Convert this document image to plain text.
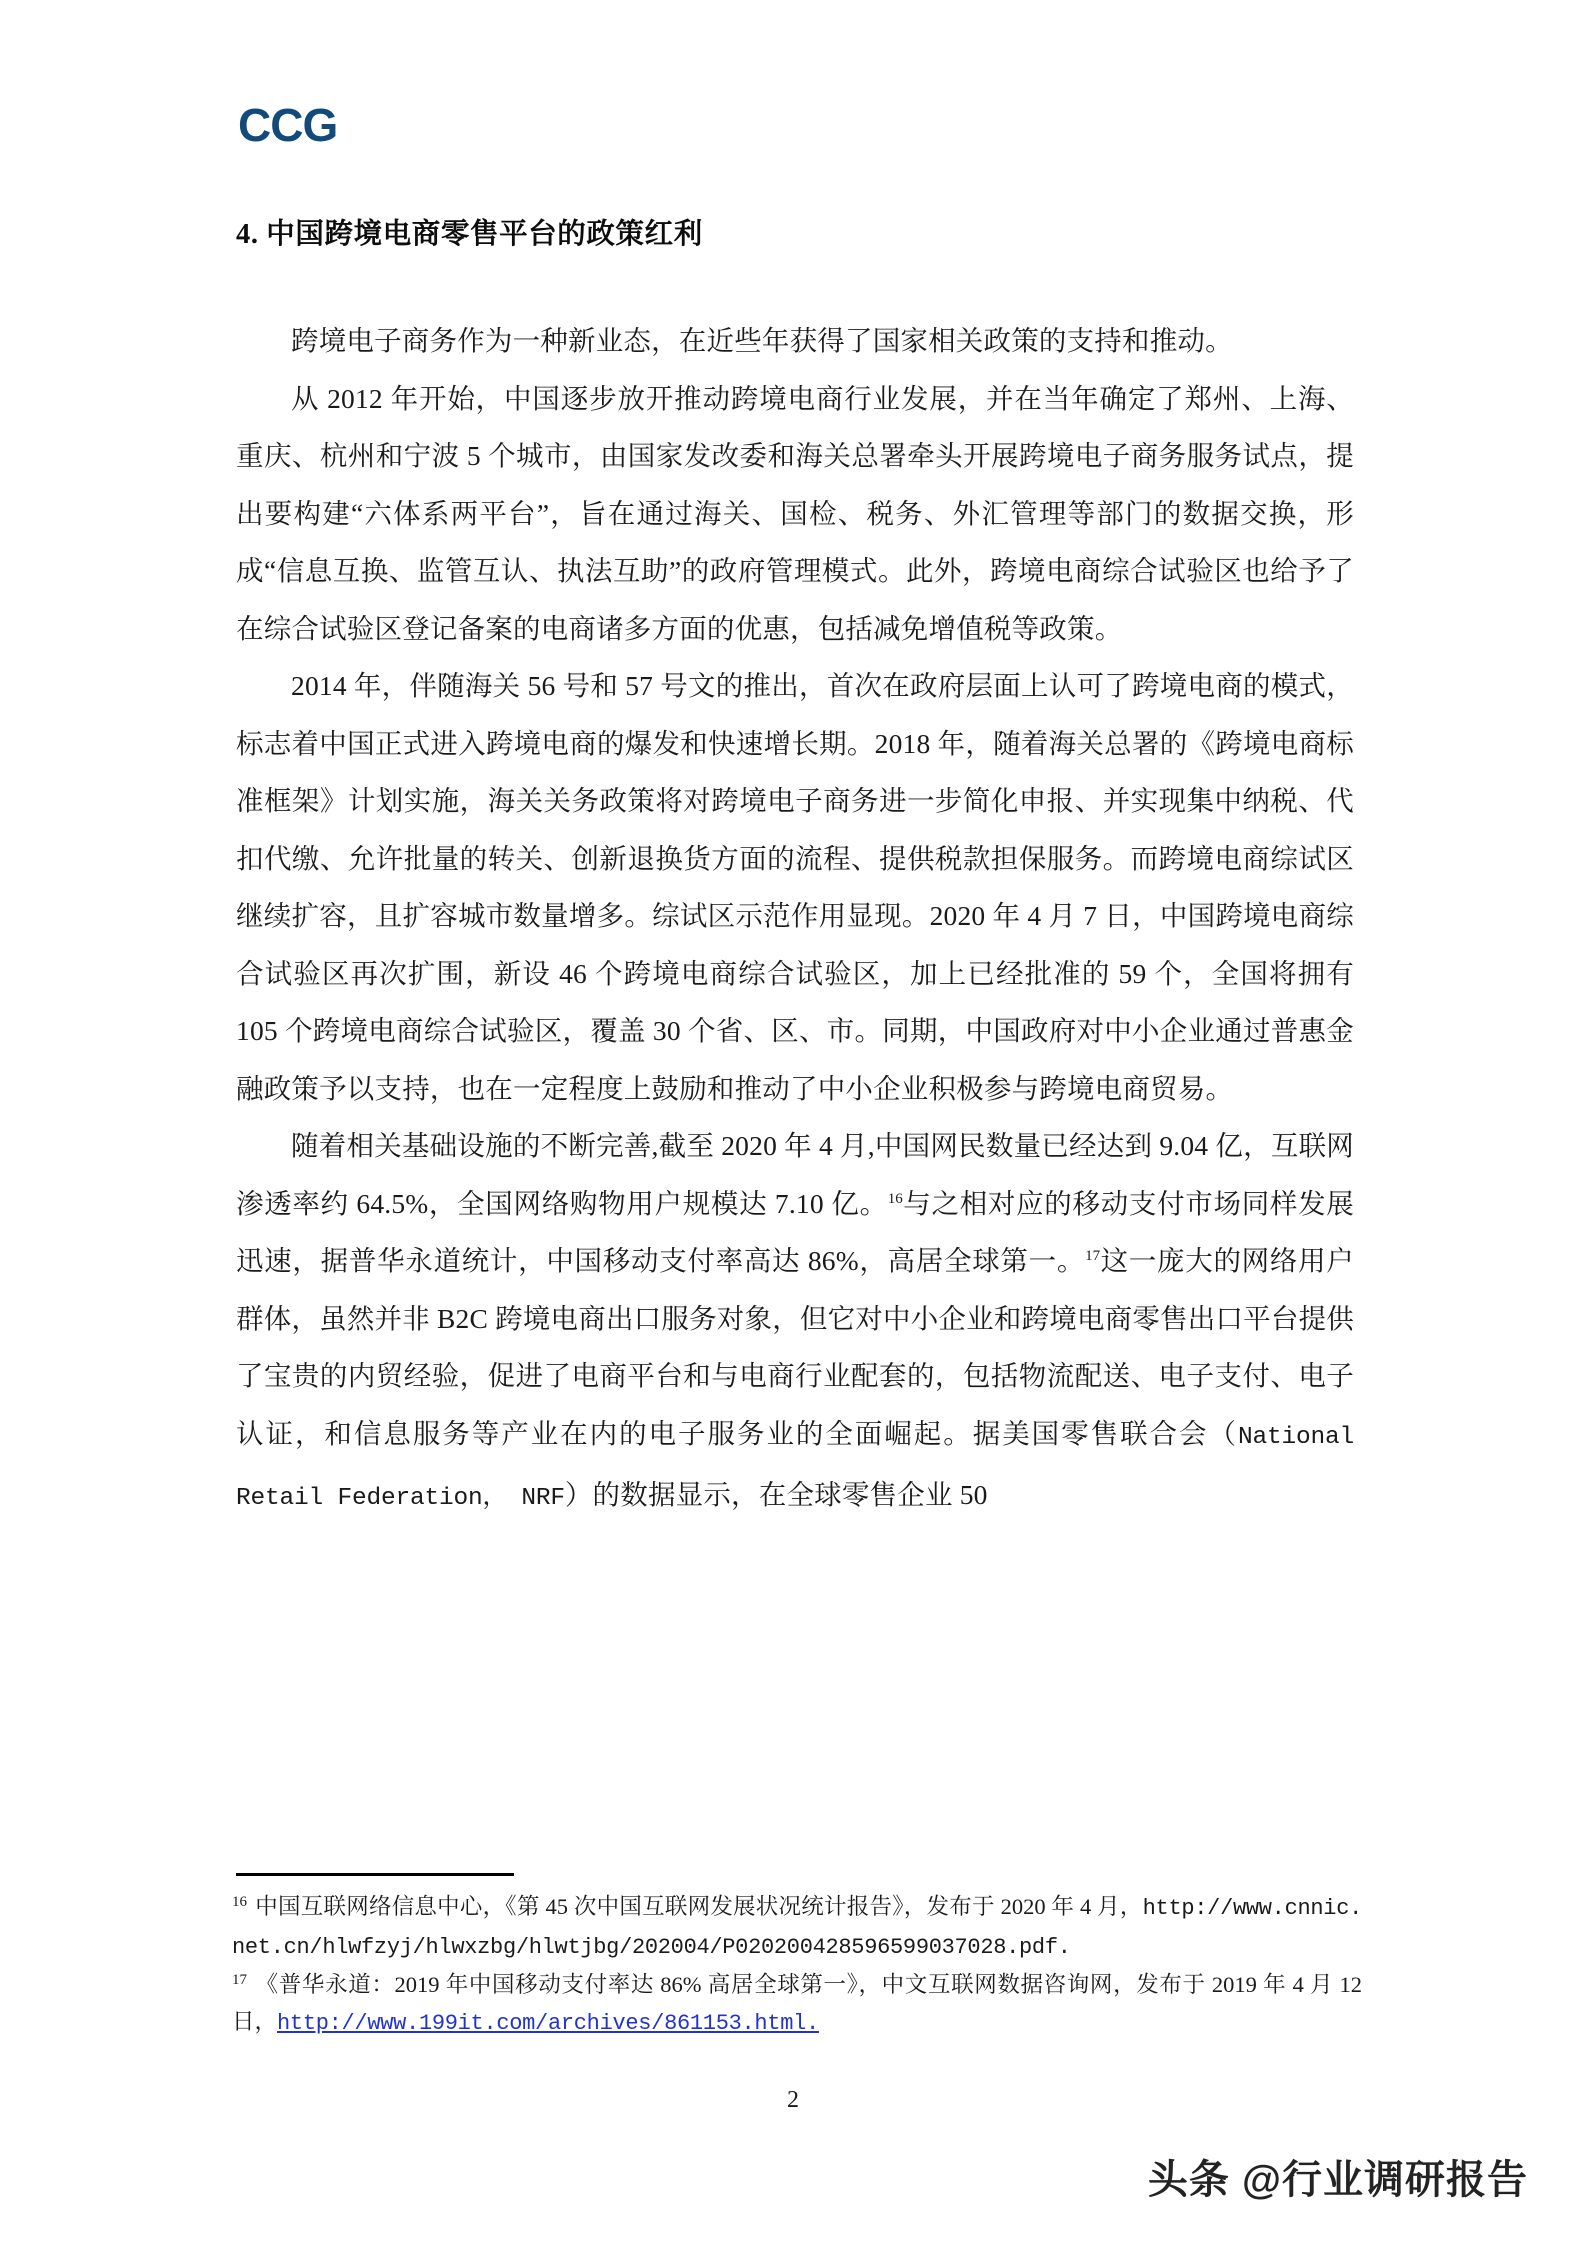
CCG
4. 中国跨境电商零售平台的政策红利

跨境电子商务作为一种新业态，在近些年获得了国家相关政策的支持和推动。

从 2012 年开始，中国逐步放开推动跨境电商行业发展，并在当年确定了郑州、上海、重庆、杭州和宁波 5 个城市，由国家发改委和海关总署牵头开展跨境电子商务服务试点，提出要构建“六体系两平台”，旨在通过海关、国检、税务、外汇管理等部门的数据交换，形成“信息互换、监管互认、执法互助”的政府管理模式。此外，跨境电商综合试验区也给予了在综合试验区登记备案的电商诸多方面的优惠，包括减免增值税等政策。

2014 年，伴随海关 56 号和 57 号文的推出，首次在政府层面上认可了跨境电商的模式，标志着中国正式进入跨境电商的爆发和快速增长期。2018 年，随着海关总署的《跨境电商标准框架》计划实施，海关关务政策将对跨境电子商务进一步简化申报、并实现集中纳税、代扣代缴、允许批量的转关、创新退换货方面的流程、提供税款担保服务。而跨境电商综试区继续扩容，且扩容城市数量增多。综试区示范作用显现。2020 年 4 月 7 日，中国跨境电商综合试验区再次扩围，新设 46 个跨境电商综合试验区，加上已经批准的 59 个，全国将拥有 105 个跨境电商综合试验区，覆盖 30 个省、区、市。同期，中国政府对中小企业通过普惠金融政策予以支持，也在一定程度上鼓励和推动了中小企业积极参与跨境电商贸易。

随着相关基础设施的不断完善,截至 2020 年 4 月,中国网民数量已经达到 9.04 亿，互联网渗透率约 64.5%，全国网络购物用户规模达 7.10 亿。$^{16}$与之相对应的移动支付市场同样发展迅速，据普华永道统计，中国移动支付率高达 86%，高居全球第一。$^{17}$这一庞大的网络用户群体，虽然并非 B2C 跨境电商出口服务对象，但它对中小企业和跨境电商零售出口平台提供了宝贵的内贸经验，促进了电商平台和与电商行业配套的，包括物流配送、电子支付、电子认证，和信息服务等产业在内的电子服务业的全面崛起。据美国零售联合会（National Retail Federation， NRF）的数据显示，在全球零售企业 50

$^{16}$ 中国互联网络信息中心，《第 45 次中国互联网发展状况统计报告》，发布于 2020 年 4 月，http://www.cnnic.net.cn/hlwfzyj/hlwxzbg/hlwtjbg/202004/P020200428596599037028.pdf.

$^{17}$ 《普华永道：2019 年中国移动支付率达 86% 高居全球第一》，中文互联网数据咨询网，发布于 2019 年 4 月 12 日，http://www.199it.com/archives/861153.html.

2
头条 @行业调研报告
